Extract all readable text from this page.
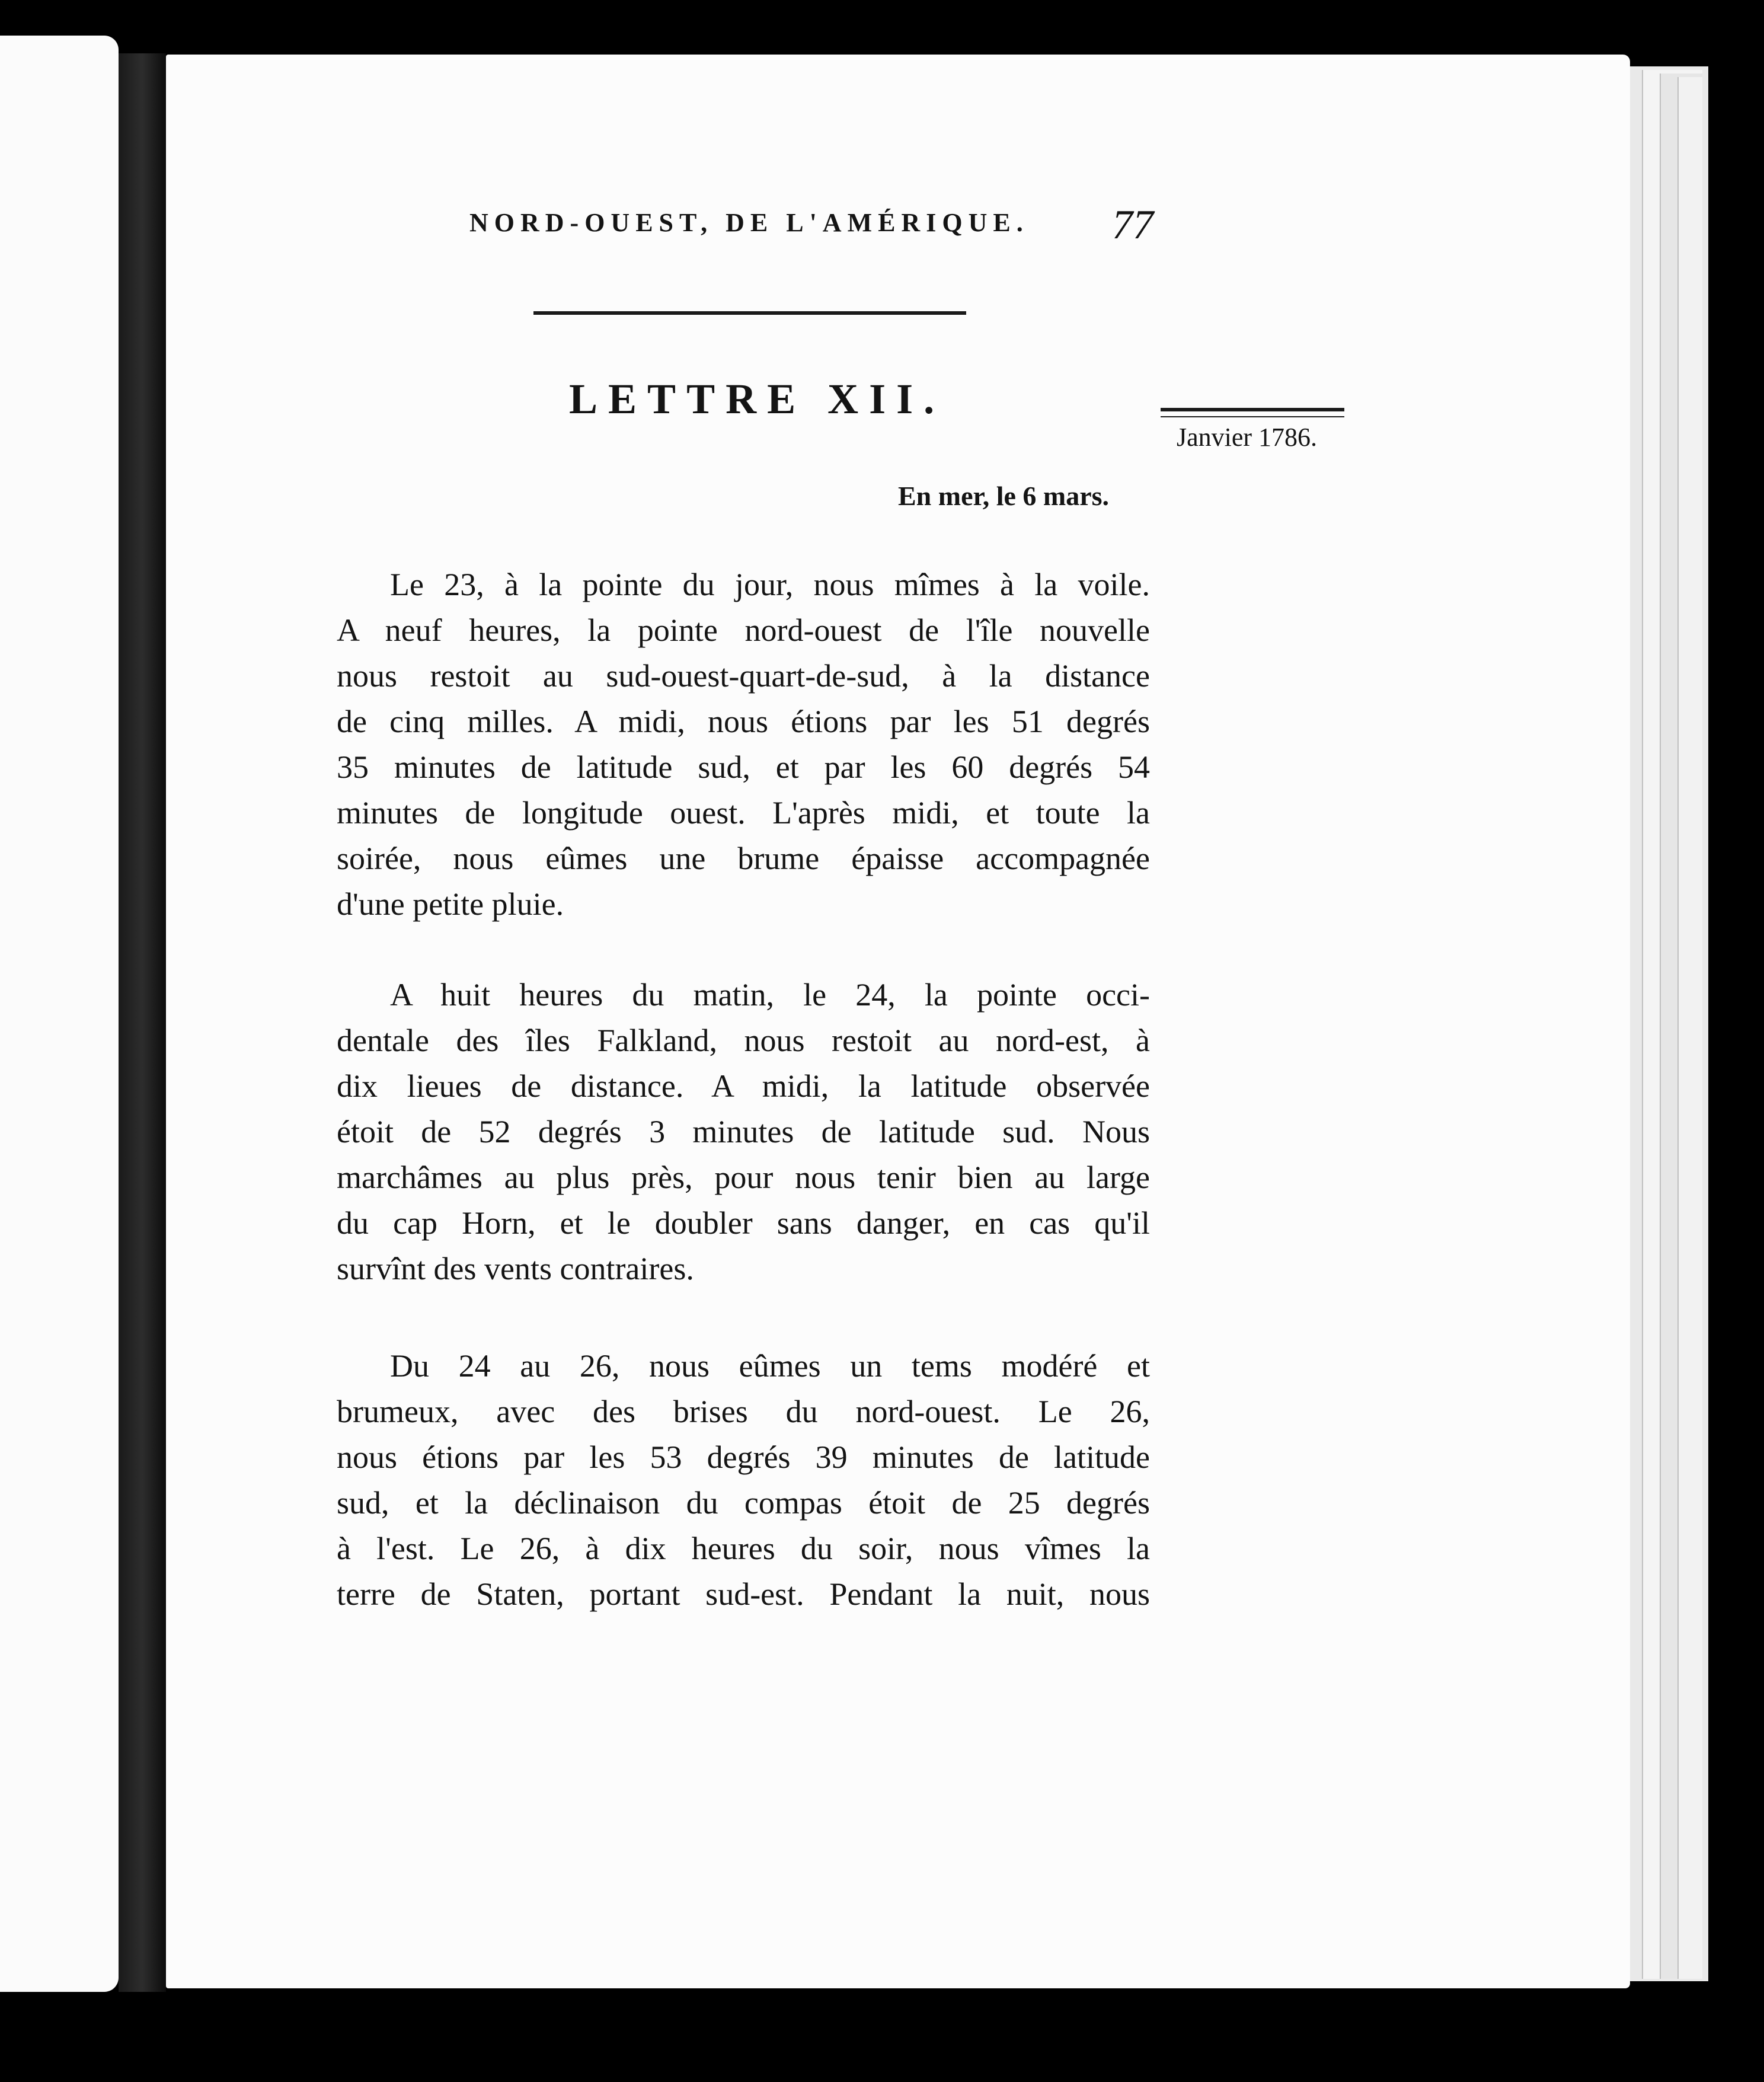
NORD-OUEST, DE L'AMÉRIQUE. 77
LETTRE XII.
Janvier 1786.
En mer, le 6 mars.
Le 23, à la pointe du jour, nous mîmes à la voile.
A neuf heures, la pointe nord-ouest de l'île nouvelle
nous restoit au sud-ouest-quart-de-sud, à la distance
de cinq milles. A midi, nous étions par les 51 degrés
35 minutes de latitude sud, et par les 60 degrés 54
minutes de longitude ouest. L'après midi, et toute la
soirée, nous eûmes une brume épaisse accompagnée
d'une petite pluie.
A huit heures du matin, le 24, la pointe occi-
dentale des îles Falkland, nous restoit au nord-est, à
dix lieues de distance. A midi, la latitude observée
étoit de 52 degrés 3 minutes de latitude sud. Nous
marchâmes au plus près, pour nous tenir bien au large
du cap Horn, et le doubler sans danger, en cas qu'il
survînt des vents contraires.
Du 24 au 26, nous eûmes un tems modéré et
brumeux, avec des brises du nord-ouest. Le 26,
nous étions par les 53 degrés 39 minutes de latitude
sud, et la déclinaison du compas étoit de 25 degrés
à l'est. Le 26, à dix heures du soir, nous vîmes la
terre de Staten, portant sud-est. Pendant la nuit, nous
